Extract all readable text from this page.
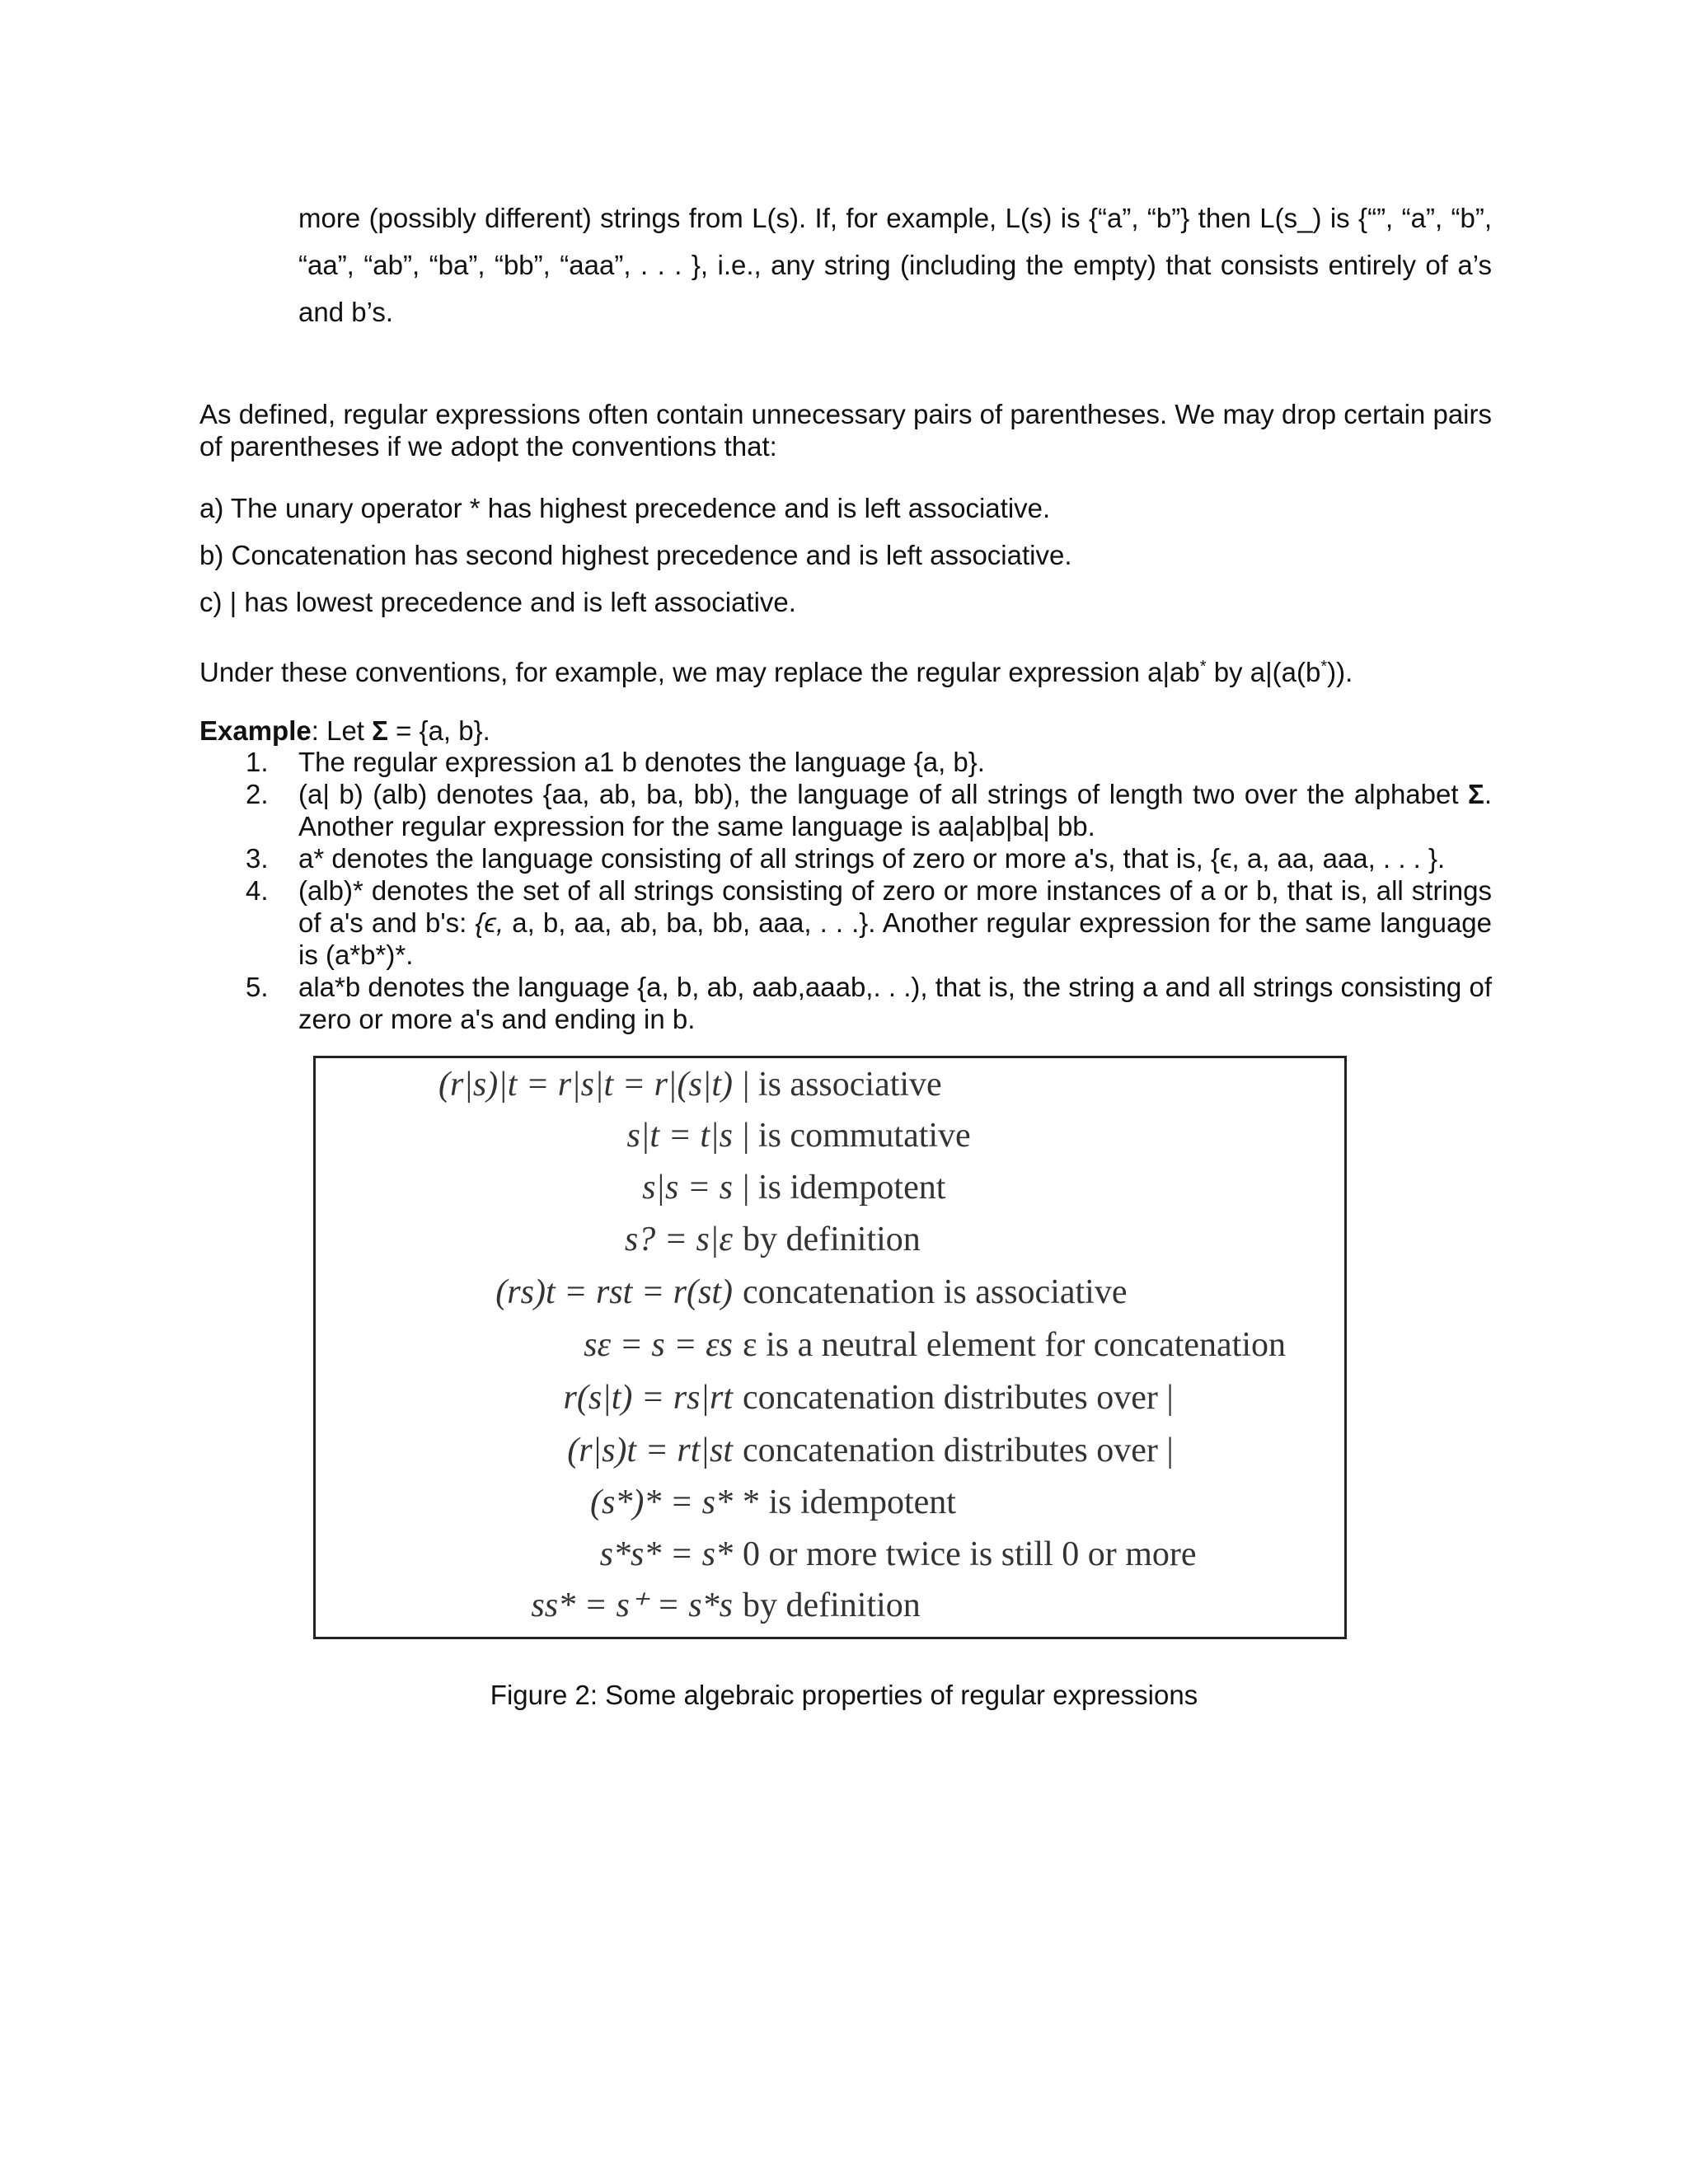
more (possibly different) strings from L(s). If, for example, L(s) is {“a”, “b”} then L(s_) is {“”, “a”, “b”, “aa”, “ab”, “ba”, “bb”, “aaa”, . . . }, i.e., any string (including the empty) that consists entirely of a’s and b’s.

As defined, regular expressions often contain unnecessary pairs of parentheses. We may drop certain pairs of parentheses if we adopt the conventions that:

a) The unary operator * has highest precedence and is left associative.

b) Concatenation has second highest precedence and is left associative.

c) | has lowest precedence and is left associative.

Under these conventions, for example, we may replace the regular expression a|ab* by a|(a(b*)).

Example: Let Σ = {a, b}.

1. The regular expression a1 b denotes the language {a, b}.
2. (a| b) (alb) denotes {aa, ab, ba, bb), the language of all strings of length two over the alphabet Σ. Another regular expression for the same language is aa|ab|ba| bb.
3. a* denotes the language consisting of all strings of zero or more a's, that is, {ϵ, a, aa, aaa, . . . }.
4. (alb)* denotes the set of all strings consisting of zero or more instances of a or b, that is, all strings of a's and b's: {ϵ, a, b, aa, ab, ba, bb, aaa, . . .}. Another regular expression for the same language is (a*b*)*.
5. ala*b denotes the language {a, b, ab, aab,aaab,. . .), that is, the string a and all strings consisting of zero or more a's and ending in b.
(r|s)|t = r|s|t = r|(s|t) | is associative
s|t = t|s | is commutative
s|s = s | is idempotent
s? = s|ε by definition
(rs)t = rst = r(st) concatenation is associative
sε = s = εs ε is a neutral element for concatenation
r(s|t) = rs|rt concatenation distributes over |
(r|s)t = rt|st concatenation distributes over |
(s*)* = s* * is idempotent
s*s* = s* 0 or more twice is still 0 or more
ss* = s⁺ = s*s by definition
Figure 2: Some algebraic properties of regular expressions
